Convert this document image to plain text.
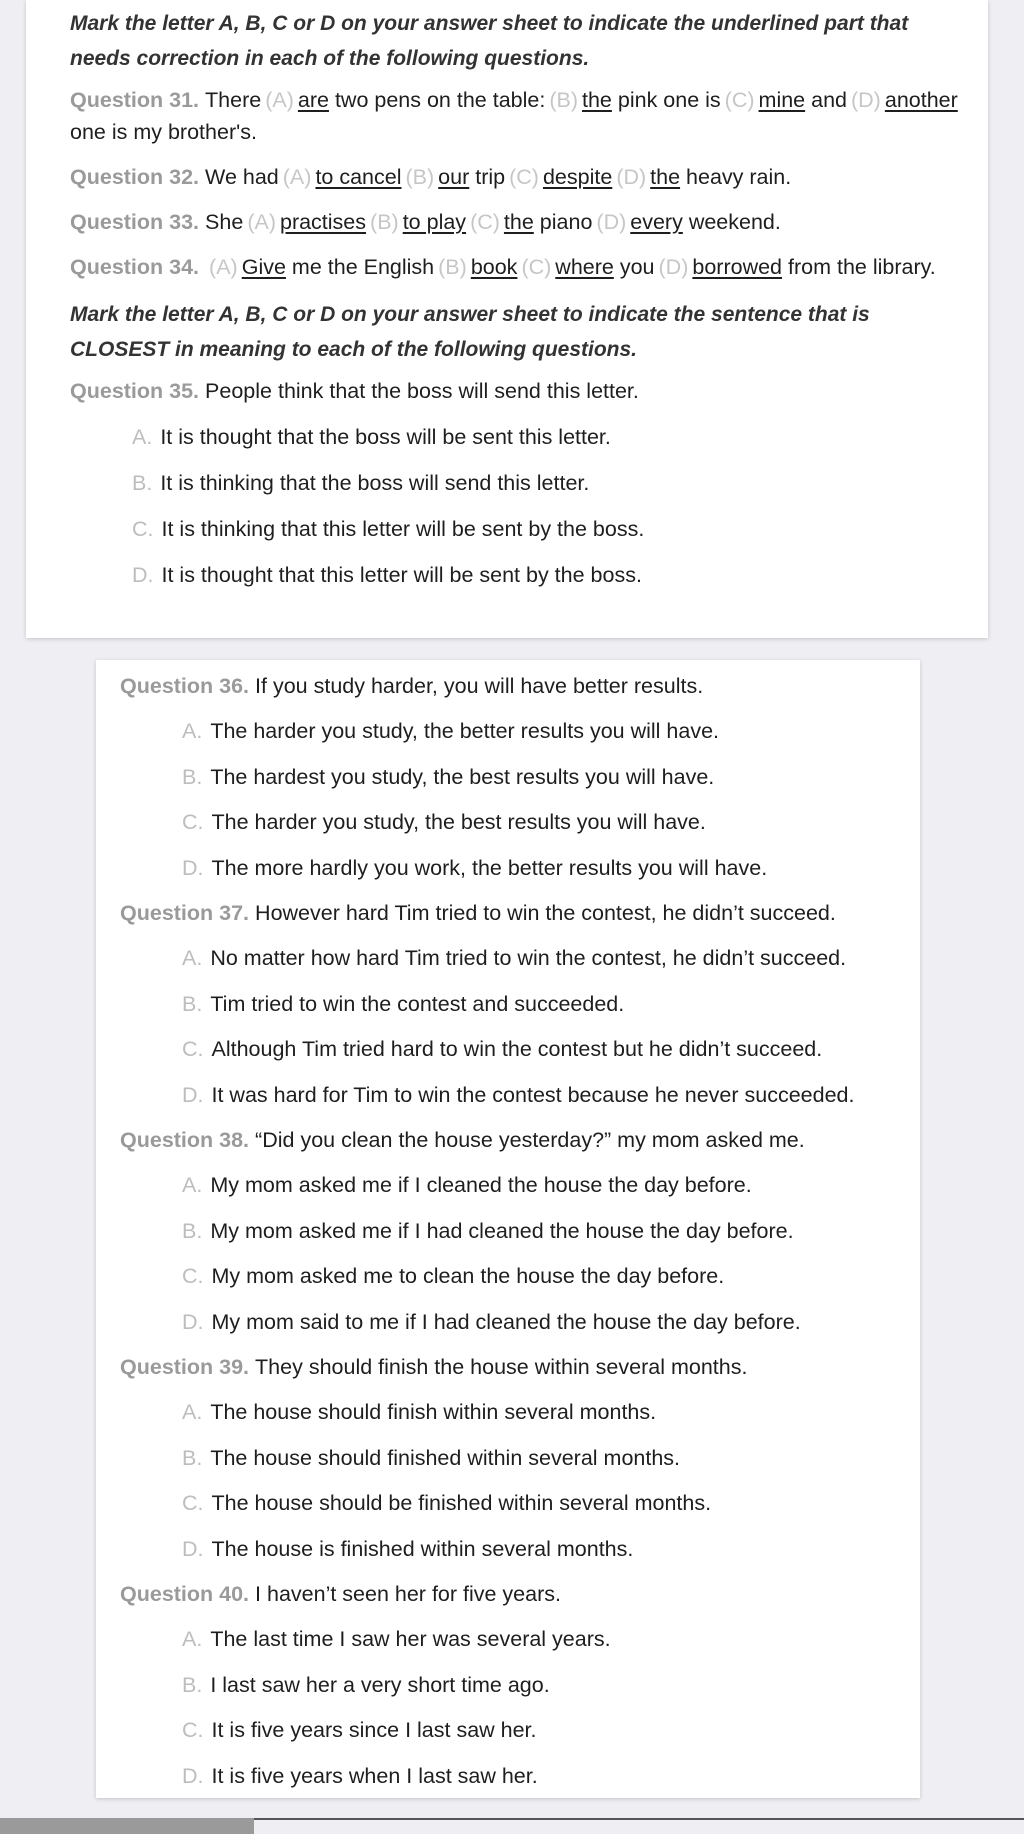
Mark the letter A, B, C or D on your answer sheet to indicate the underlined part that needs correction in each of the following questions.

Question 31. There (A) are two pens on the table: (B) the pink one is (C) mine and (D) another one is my brother's.

Question 32. We had (A) to cancel (B) our trip (C) despite (D) the heavy rain.

Question 33. She (A) practises (B) to play (C) the piano (D) every weekend.

Question 34. (A) Give me the English (B) book (C) where you (D) borrowed from the library.

Mark the letter A, B, C or D on your answer sheet to indicate the sentence that is CLOSEST in meaning to each of the following questions.

Question 35. People think that the boss will send this letter.

A. It is thought that the boss will be sent this letter.

B. It is thinking that the boss will send this letter.

C. It is thinking that this letter will be sent by the boss.

D. It is thought that this letter will be sent by the boss.

Question 36. If you study harder, you will have better results.

A. The harder you study, the better results you will have.

B. The hardest you study, the best results you will have.

C. The harder you study, the best results you will have.

D. The more hardly you work, the better results you will have.

Question 37. However hard Tim tried to win the contest, he didn’t succeed.

A. No matter how hard Tim tried to win the contest, he didn’t succeed.

B. Tim tried to win the contest and succeeded.

C. Although Tim tried hard to win the contest but he didn’t succeed.

D. It was hard for Tim to win the contest because he never succeeded.

Question 38. “Did you clean the house yesterday?” my mom asked me.

A. My mom asked me if I cleaned the house the day before.

B. My mom asked me if I had cleaned the house the day before.

C. My mom asked me to clean the house the day before.

D. My mom said to me if I had cleaned the house the day before.

Question 39. They should finish the house within several months.

A. The house should finish within several months.

B. The house should finished within several months.

C. The house should be finished within several months.

D. The house is finished within several months.

Question 40. I haven’t seen her for five years.

A. The last time I saw her was several years.

B. I last saw her a very short time ago.

C. It is five years since I last saw her.

D. It is five years when I last saw her.
